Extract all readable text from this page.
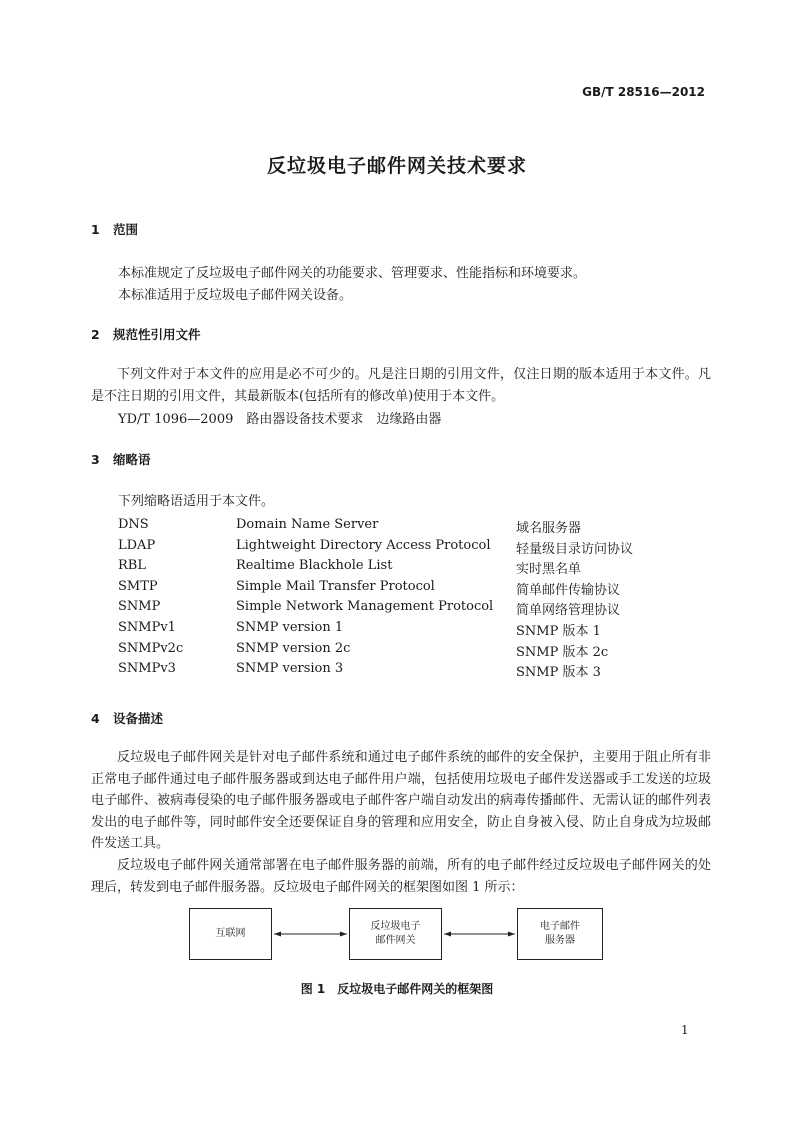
GB/T 28516—2012
反垃圾电子邮件网关技术要求
1 范围
本标准规定了反垃圾电子邮件网关的功能要求、管理要求、性能指标和环境要求。
本标准适用于反垃圾电子邮件网关设备。
2 规范性引用文件

下列文件对于本文件的应用是必不可少的。凡是注日期的引用文件，仅注日期的版本适用于本文件。凡是不注日期的引用文件，其最新版本(包括所有的修改单)使用于本文件。

YD/T 1096—2009　路由器设备技术要求　边缘路由器
3 缩略语
下列缩略语适用于本文件。
DNS	Domain Name Server	域名服务器
LDAP	Lightweight Directory Access Protocol 轻量级目录访问协议
RBL	Realtime Blackhole List	实时黑名单
SMTP	Simple Mail Transfer Protocol	简单邮件传输协议
SNMP	Simple Network Management Protocol 简单网络管理协议
SNMPv1	SNMP version 1	SNMP 版本 1
SNMPv2c	SNMP version 2c	SNMP 版本 2c
SNMPv3	SNMP version 3	SNMP 版本 3
4 设备描述

反垃圾电子邮件网关是针对电子邮件系统和通过电子邮件系统的邮件的安全保护，主要用于阻止所有非正常电子邮件通过电子邮件服务器或到达电子邮件用户端，包括使用垃圾电子邮件发送器或手工发送的垃圾电子邮件、被病毒侵染的电子邮件服务器或电子邮件客户端自动发出的病毒传播邮件、无需认证的邮件列表发出的电子邮件等，同时邮件安全还要保证自身的管理和应用安全，防止自身被入侵、防止自身成为垃圾邮件发送工具。

反垃圾电子邮件网关通常部署在电子邮件服务器的前端，所有的电子邮件经过反垃圾电子邮件网关的处理后，转发到电子邮件服务器。反垃圾电子邮件网关的框架图如图 1 所示：

互联网
反垃圾电子
邮件网关
电子邮件
服务器
图 1　反垃圾电子邮件网关的框架图
1
